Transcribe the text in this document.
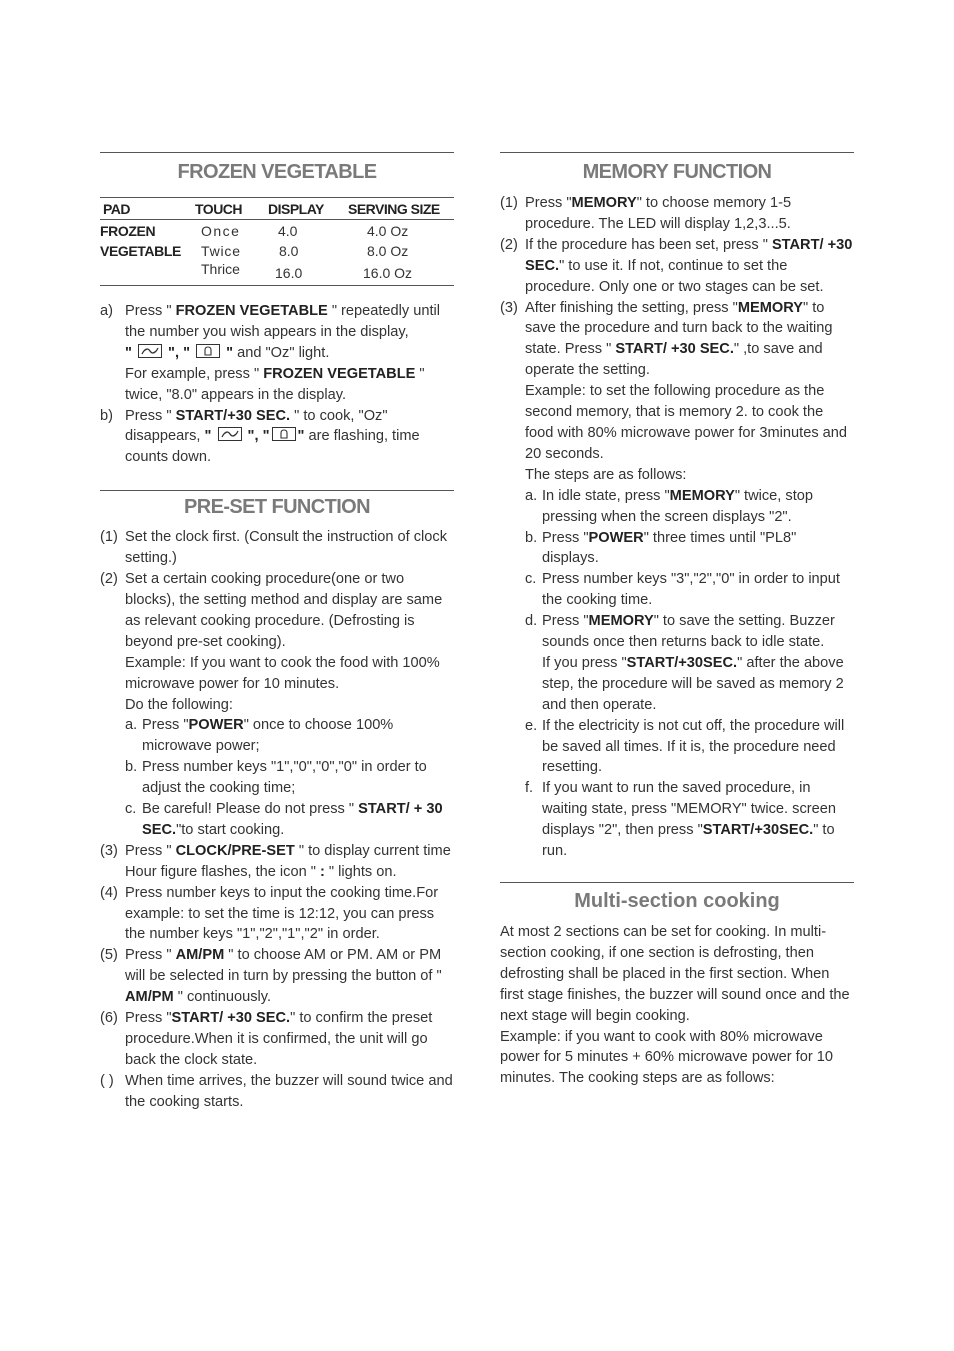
FROZEN VEGETABLE
PAD	TOUCH	DISPLAY	SERVING SIZE
FROZEN	Once	4.0	4.0 Oz
VEGETABLE	Twice	8.0	8.0 Oz
	Thrice	16.0	16.0 Oz
a) Press " FROZEN VEGETABLE " repeatedly until the number you wish appears in the display,
"
", "
" and "Oz" light.
For example, press " FROZEN VEGETABLE " twice, "8.0" appears in the display.
b) Press " START/+30 SEC. " to cook, "Oz" disappears, "
", " " are flashing, time counts down.
PRE-SET FUNCTION
(1) Set the clock first. (Consult the instruction of clock setting.)
(2) Set a certain cooking procedure(one or two blocks), the setting method and display are same as relevant cooking procedure. (Defrosting is beyond pre-set cooking).
Example: If you want to cook the food with 100% microwave power for 10 minutes.
Do the following:
a. Press "POWER" once to choose 100% microwave power;
b. Press number keys "1","0","0","0" in order to adjust the cooking time;
c. Be careful! Please do not press " START/ + 30 SEC."to start cooking.
(3) Press " CLOCK/PRE-SET " to display current time Hour figure flashes, the icon " : " lights on.
(4) Press number keys to input the cooking time.For example: to set the time is 12:12, you can press the number keys "1","2","1","2" in order.
(5) Press " AM/PM " to choose AM or PM. AM or PM will be selected in turn by pressing the button of " AM/PM " continuously.
(6) Press "START/ +30 SEC." to confirm the preset procedure.When it is confirmed, the unit will go back the clock state.
( ) When time arrives, the buzzer will sound twice and the cooking starts.
MEMORY FUNCTION
(1) Press "MEMORY" to choose memory 1-5 procedure. The LED will display 1,2,3...5.
(2) If the procedure has been set, press " START/ +30 SEC." to use it. If not, continue to set the procedure. Only one or two stages can be set.
(3) After finishing the setting, press "MEMORY" to save the procedure and turn back to the waiting state. Press " START/ +30 SEC." ,to save and operate the setting.
Example: to set the following procedure as the second memory, that is memory 2. to cook the food with 80% microwave power for 3minutes and 20 seconds.
The steps are as follows:
a. In idle state, press "MEMORY" twice, stop pressing when the screen displays "2".
b. Press "POWER" three times until "PL8" displays.
c. Press number keys "3","2","0" in order to input the cooking time.
d. Press "MEMORY" to save the setting. Buzzer sounds once then returns back to idle state.
If you press "START/+30SEC." after the above step, the procedure will be saved as memory 2 and then operate.
e. If the electricity is not cut off, the procedure will be saved all times. If it is, the procedure need resetting.
f. If you want to run the saved procedure, in waiting state, press "MEMORY" twice. screen displays "2", then press "START/+30SEC." to run.
Multi-section cooking
At most 2 sections can be set for cooking. In multi-section cooking, if one section is defrosting, then defrosting shall be placed in the first section. When first stage finishes, the buzzer will sound once and the next stage will begin cooking.
Example: if you want to cook with 80% microwave power for 5 minutes + 60% microwave power for 10 minutes. The cooking steps are as follows:
